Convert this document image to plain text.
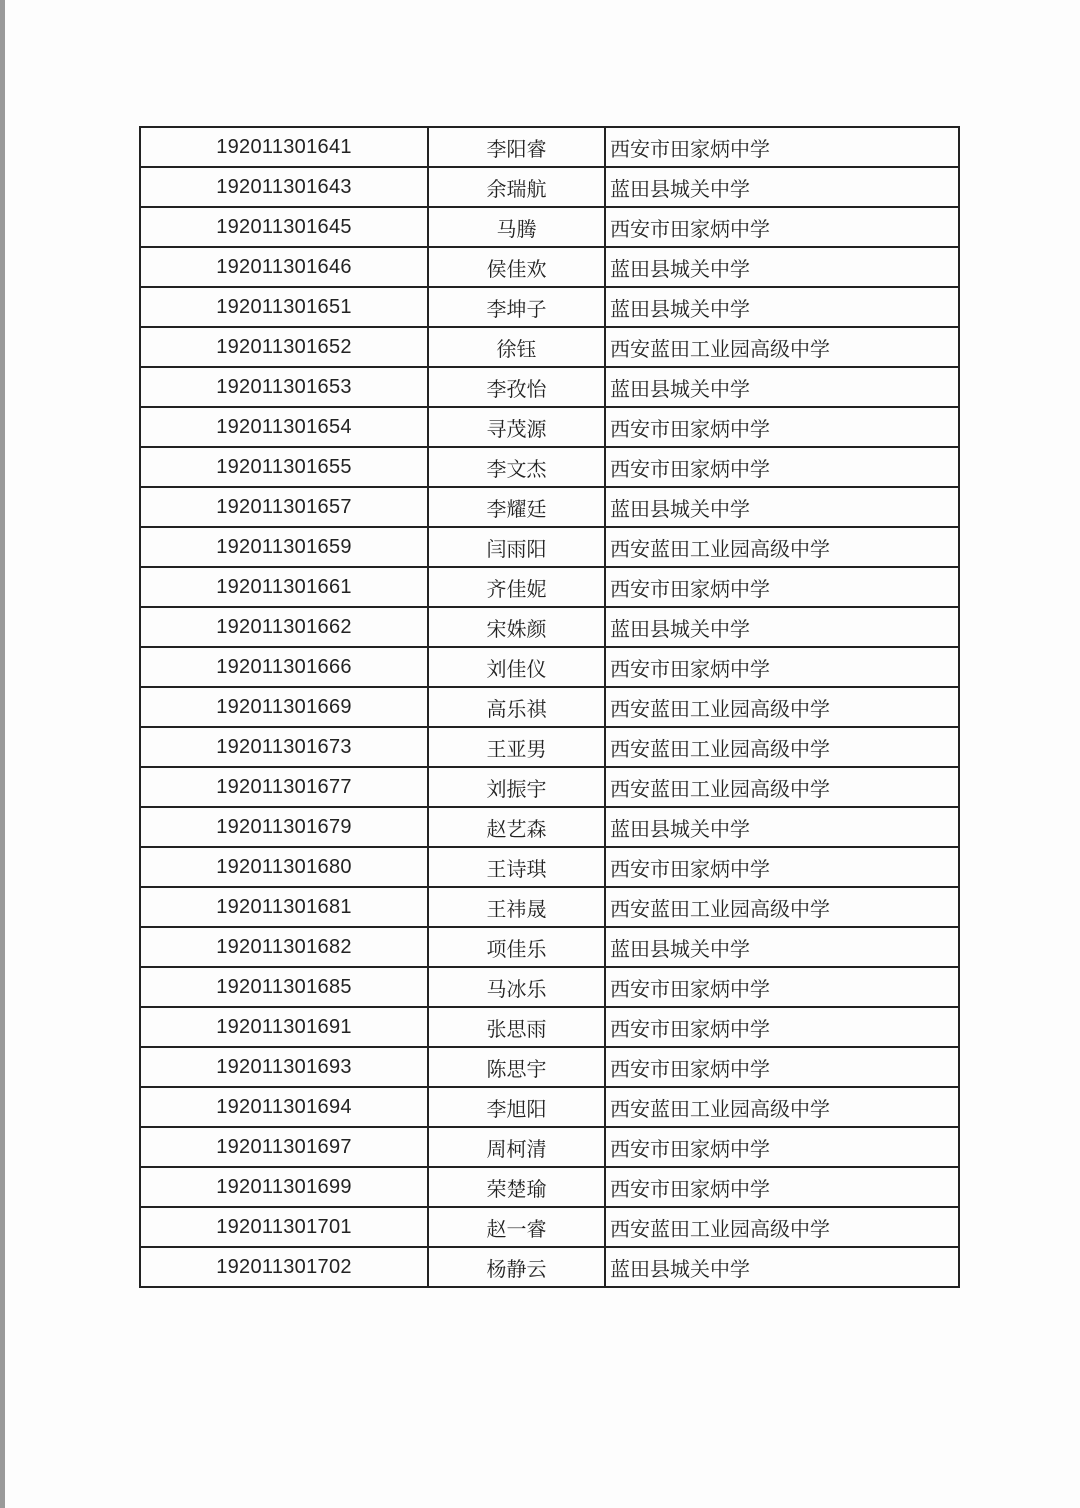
192011301641	李阳睿	西安市田家炳中学
192011301643	余瑞航	蓝田县城关中学
192011301645	马腾	西安市田家炳中学
192011301646	侯佳欢	蓝田县城关中学
192011301651	李坤子	蓝田县城关中学
192011301652	徐钰	西安蓝田工业园高级中学
192011301653	李孜怡	蓝田县城关中学
192011301654	寻茂源	西安市田家炳中学
192011301655	李文杰	西安市田家炳中学
192011301657	李耀廷	蓝田县城关中学
192011301659	闫雨阳	西安蓝田工业园高级中学
192011301661	齐佳妮	西安市田家炳中学
192011301662	宋姝颜	蓝田县城关中学
192011301666	刘佳仪	西安市田家炳中学
192011301669	高乐祺	西安蓝田工业园高级中学
192011301673	王亚男	西安蓝田工业园高级中学
192011301677	刘振宇	西安蓝田工业园高级中学
192011301679	赵艺森	蓝田县城关中学
192011301680	王诗琪	西安市田家炳中学
192011301681	王祎晟	西安蓝田工业园高级中学
192011301682	项佳乐	蓝田县城关中学
192011301685	马冰乐	西安市田家炳中学
192011301691	张思雨	西安市田家炳中学
192011301693	陈思宇	西安市田家炳中学
192011301694	李旭阳	西安蓝田工业园高级中学
192011301697	周柯清	西安市田家炳中学
192011301699	荣楚瑜	西安市田家炳中学
192011301701	赵一睿	西安蓝田工业园高级中学
192011301702	杨静云	蓝田县城关中学
